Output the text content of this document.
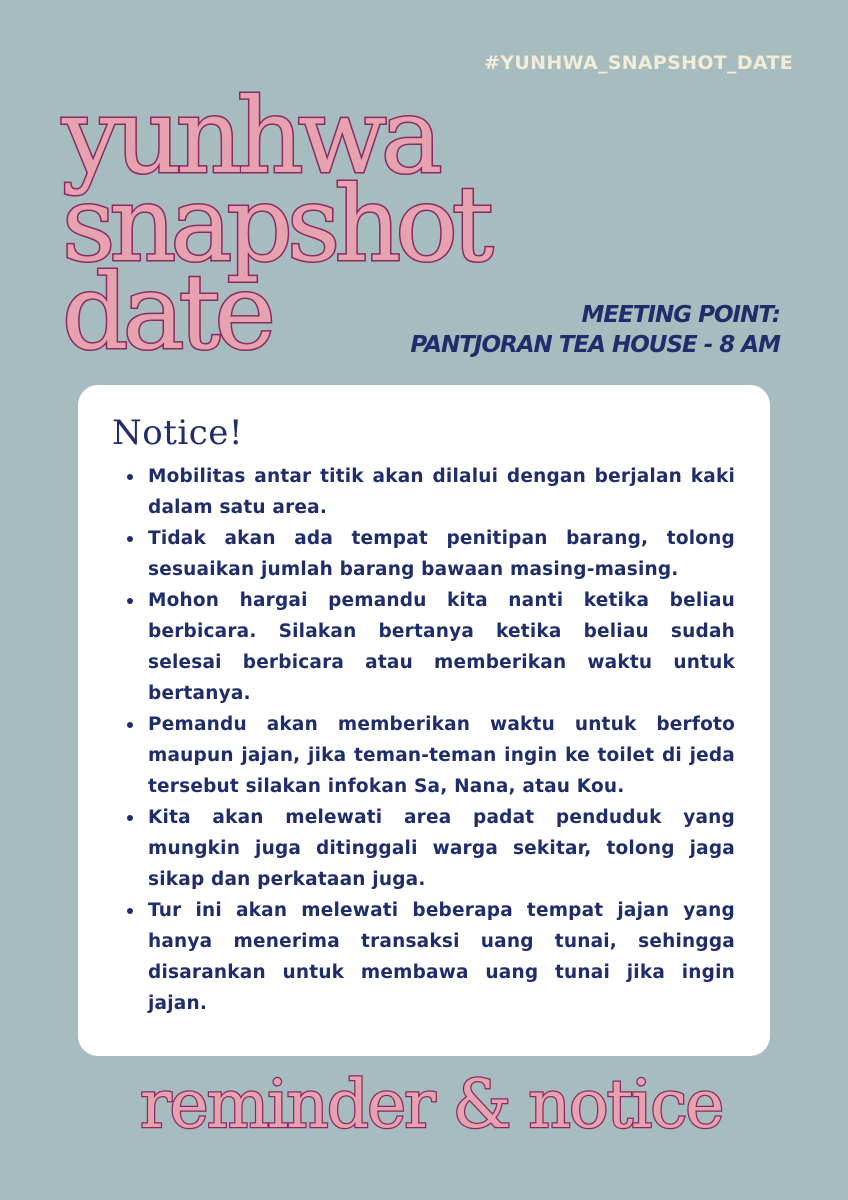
#YUNHWA_SNAPSHOT_DATE
yunhwa
snapshot
date	MEETING POINT:
PANTJORAN TEA HOUSE - 8 AM
Notice!
Mobilitas antar titik akan dilalui dengan berjalan kaki dalam satu area.
Tidak akan ada tempat penitipan barang, tolong sesuaikan jumlah barang bawaan masing-masing.
Mohon hargai pemandu kita nanti ketika beliau berbicara. Silakan bertanya ketika beliau sudah selesai berbicara atau memberikan waktu untuk bertanya.
Pemandu akan memberikan waktu untuk berfoto maupun jajan, jika teman-teman ingin ke toilet di jeda tersebut silakan infokan Sa, Nana, atau Kou.
Kita akan melewati area padat penduduk yang mungkin juga ditinggali warga sekitar, tolong jaga sikap dan perkataan juga.
Tur ini akan melewati beberapa tempat jajan yang hanya menerima transaksi uang tunai, sehingga disarankan untuk membawa uang tunai jika ingin jajan.
reminder & notice
